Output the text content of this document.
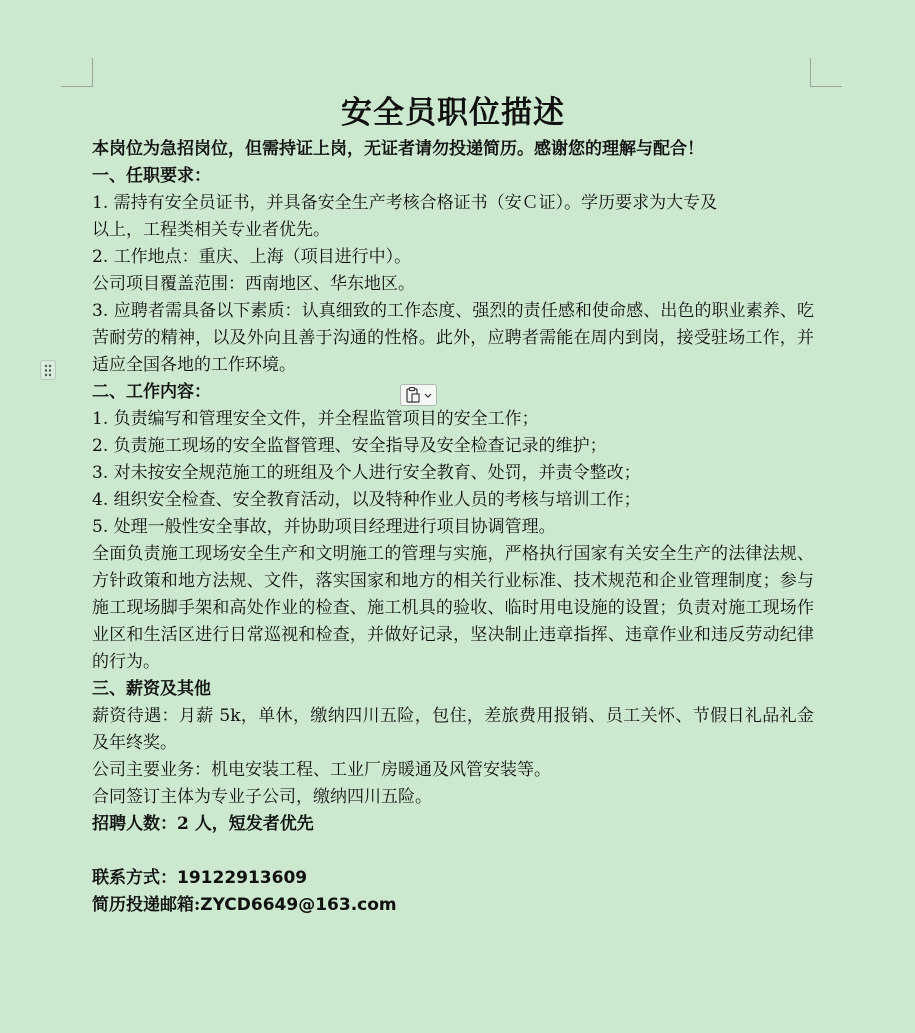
安全员职位描述
本岗位为急招岗位，但需持证上岗，无证者请勿投递简历。感谢您的理解与配合！
一、任职要求：
1. 需持有安全员证书，并具备安全生产考核合格证书（安Ｃ证）。学历要求为大专及
以上，工程类相关专业者优先。
2. 工作地点：重庆、上海（项目进行中）。
公司项目覆盖范围：西南地区、华东地区。
3. 应聘者需具备以下素质：认真细致的工作态度、强烈的责任感和使命感、出色的职业素养、吃苦耐劳的精神，以及外向且善于沟通的性格。此外，应聘者需能在周内到岗，接受驻场工作，并适应全国各地的工作环境。
二、工作内容：
1. 负责编写和管理安全文件，并全程监管项目的安全工作；
2. 负责施工现场的安全监督管理、安全指导及安全检查记录的维护；
3. 对未按安全规范施工的班组及个人进行安全教育、处罚，并责令整改；
4. 组织安全检查、安全教育活动，以及特种作业人员的考核与培训工作；
5. 处理一般性安全事故，并协助项目经理进行项目协调管理。
全面负责施工现场安全生产和文明施工的管理与实施，严格执行国家有关安全生产的法律法规、方针政策和地方法规、文件，落实国家和地方的相关行业标准、技术规范和企业管理制度；参与施工现场脚手架和高处作业的检查、施工机具的验收、临时用电设施的设置；负责对施工现场作业区和生活区进行日常巡视和检查，并做好记录，坚决制止违章指挥、违章作业和违反劳动纪律的行为。
三、薪资及其他
薪资待遇：月薪 5k，单休，缴纳四川五险，包住，差旅费用报销、员工关怀、节假日礼品礼金及年终奖。
公司主要业务：机电安装工程、工业厂房暖通及风管安装等。
合同签订主体为专业子公司，缴纳四川五险。
招聘人数：2 人，短发者优先
联系方式：19122913609
简历投递邮箱:ZYCD6649@163.com
